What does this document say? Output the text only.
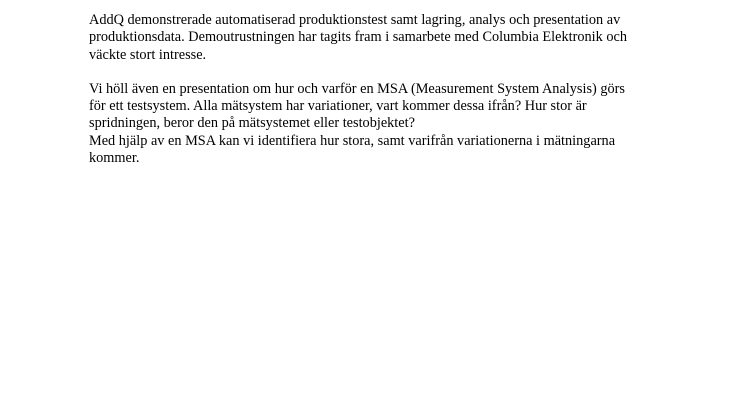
AddQ demonstrerade automatiserad produktionstest samt lagring, analys och presentation av
produktionsdata. Demoutrustningen har tagits fram i samarbete med Columbia Elektronik och
väckte stort intresse.

Vi höll även en presentation om hur och varför en MSA (Measurement System Analysis) görs
för ett testsystem. Alla mätsystem har variationer, vart kommer dessa ifrån? Hur stor är
spridningen, beror den på mätsystemet eller testobjektet?

Med hjälp av en MSA kan vi identifiera hur stora, samt varifrån variationerna i mätningarna
kommer.
